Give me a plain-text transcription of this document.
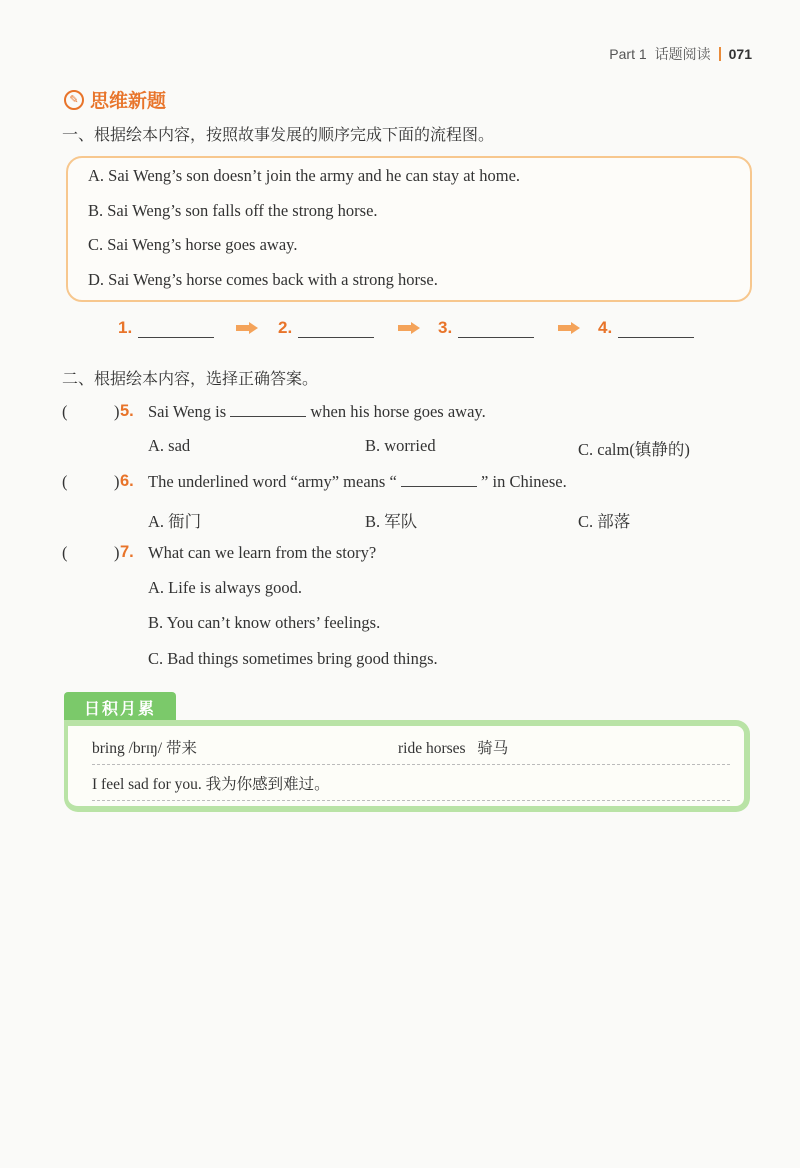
Part 1 话题阅读 071
✎ 思维新题
一、根据绘本内容，按照故事发展的顺序完成下面的流程图。
A. Sai Weng’s son doesn’t join the army and he can stay at home.
B. Sai Weng’s son falls off the strong horse.
C. Sai Weng’s horse goes away.
D. Sai Weng’s horse comes back with a strong horse.
1.	2.	3.	4.
二、根据绘本内容，选择正确答案。
(	) 5. Sai Weng is	when his horse goes away.
A. sad	B. worried	C. calm(镇静的)
(	) 6. The underlined word “army” means “	” in Chinese.
A. 衙门	B. 军队	C. 部落
(	) 7. What can we learn from the story?
A. Life is always good.
B. You can’t know others’ feelings.
C. Bad things sometimes bring good things.
日积月累
bring /brɪŋ/ 带来	ride horses   骑马
I feel sad for you. 我为你感到难过。
